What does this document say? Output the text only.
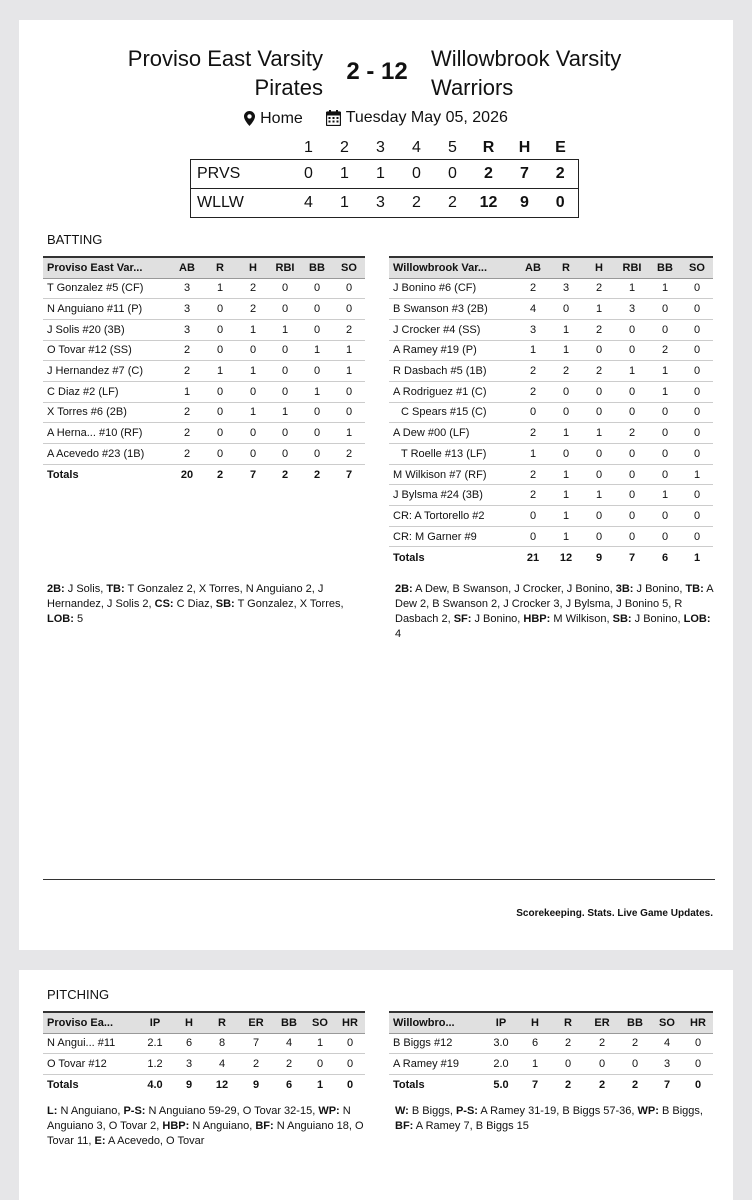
Proviso East Varsity
Pirates
2 - 12	Willowbrook Varsity
Warriors
Home
	Tuesday May 05, 2026
	1	2	3	4	5	R	H	E
PRVS	0	1	1	0	0	2	7	2
WLLW	4	1	3	2	2	12	9	0
BATTING
Proviso East Var...	AB	R	H	RBI	BB	SO
T Gonzalez #5 (CF)	3	1	2	0	0	0
N Anguiano #11 (P)	3	0	2	0	0	0
J Solis #20 (3B)	3	0	1	1	0	2
O Tovar #12 (SS)	2	0	0	0	1	1
J Hernandez #7 (C)	2	1	1	0	0	1
C Diaz #2 (LF)	1	0	0	0	1	0
X Torres #6 (2B)	2	0	1	1	0	0
A Herna... #10 (RF)	2	0	0	0	0	1
A Acevedo #23 (1B)	2	0	0	0	0	2
Totals	20	2	7	2	2	7
Willowbrook Var...	AB	R	H	RBI	BB	SO
J Bonino #6 (CF)	2	3	2	1	1	0
B Swanson #3 (2B)	4	0	1	3	0	0
J Crocker #4 (SS)	3	1	2	0	0	0
A Ramey #19 (P)	1	1	0	0	2	0
R Dasbach #5 (1B)	2	2	2	1	1	0
A Rodriguez #1 (C)	2	0	0	0	1	0
C Spears #15 (C)	0	0	0	0	0	0
A Dew #00 (LF)	2	1	1	2	0	0
T Roelle #13 (LF)	1	0	0	0	0	0
M Wilkison #7 (RF)	2	1	0	0	0	1
J Bylsma #24 (3B)	2	1	1	0	1	0
CR: A Tortorello #2	0	1	0	0	0	0
CR: M Garner #9	0	1	0	0	0	0
Totals	21	12	9	7	6	1
2B: J Solis, TB: T Gonzalez 2, X Torres, N Anguiano 2, J Hernandez, J Solis 2, CS: C Diaz, SB: T Gonzalez, X Torres, LOB: 5
2B: A Dew, B Swanson, J Crocker, J Bonino, 3B: J Bonino, TB: A Dew 2, B Swanson 2, J Crocker 3, J Bylsma, J Bonino 5, R Dasbach 2, SF: J Bonino, HBP: M Wilkison, SB: J Bonino, LOB: 4
Scorekeeping. Stats. Live Game Updates.
PITCHING
Proviso Ea...	IP	H	R	ER	BB	SO	HR
N Angui... #11	2.1	6	8	7	4	1	0
O Tovar #12	1.2	3	4	2	2	0	0
Totals	4.0	9	12	9	6	1	0
Willowbro...	IP	H	R	ER	BB	SO	HR
B Biggs #12	3.0	6	2	2	2	4	0
A Ramey #19	2.0	1	0	0	0	3	0
Totals	5.0	7	2	2	2	7	0
L: N Anguiano, P-S: N Anguiano 59-29, O Tovar 32-15, WP: N Anguiano 3, O Tovar 2, HBP: N Anguiano, BF: N Anguiano 18, O Tovar 11, E: A Acevedo, O Tovar
W: B Biggs, P-S: A Ramey 31-19, B Biggs 57-36, WP: B Biggs, BF: A Ramey 7, B Biggs 15
